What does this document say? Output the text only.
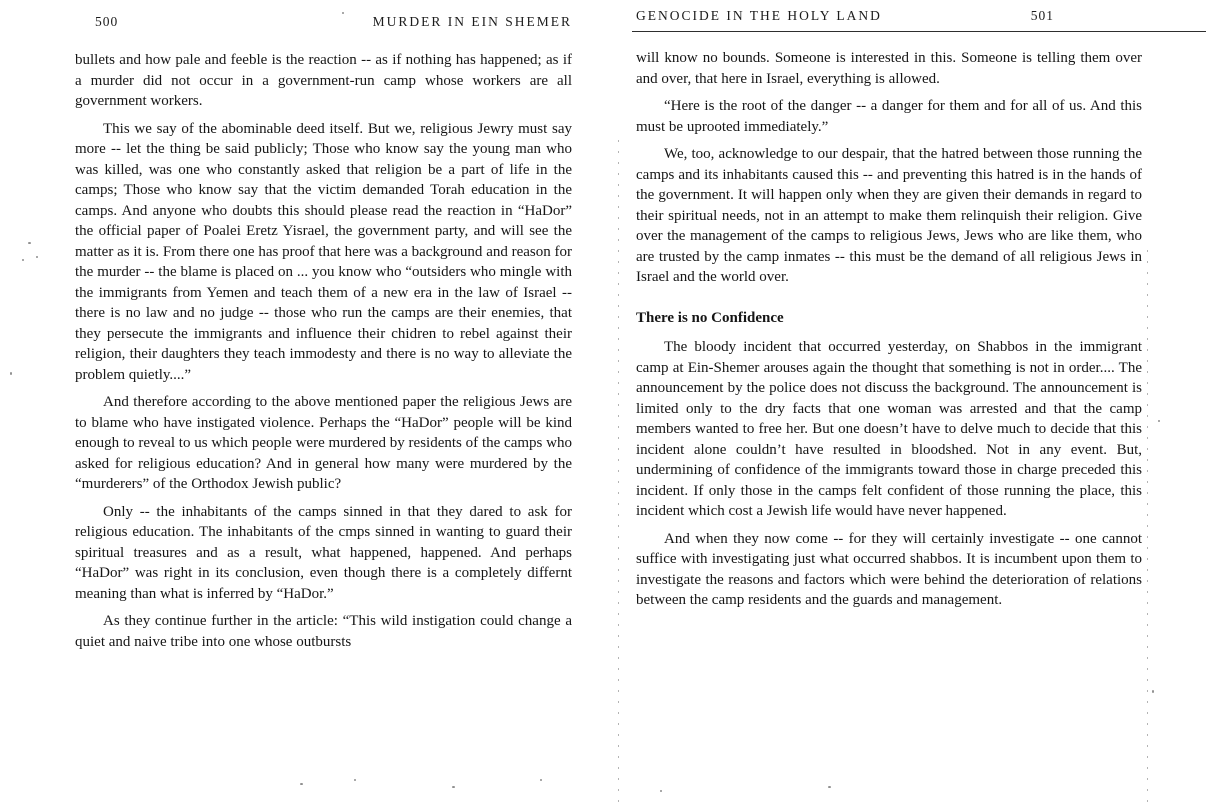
500	MURDER IN EIN SHEMER

bullets and how pale and feeble is the reaction -- as if nothing has happened; as if a murder did not occur in a government-run camp whose workers are all government workers.

This we say of the abominable deed itself. But we, religious Jewry must say more -- let the thing be said publicly; Those who know say the young man who was killed, was one who constantly asked that religion be a part of life in the camps; Those who know say that the victim demanded Torah education in the camps. And anyone who doubts this should please read the reaction in “HaDor” the official paper of Poalei Eretz Yisrael, the government party, and will see the matter as it is. From there one has proof that here was a background and reason for the murder -- the blame is placed on ... you know who “outsiders who mingle with the immigrants from Yemen and teach them of a new era in the law of Israel -- there is no law and no judge -- those who run the camps are their enemies, that they persecute the immigrants and influence their chidren to rebel against their religion, their daughters they teach immodesty and there is no way to alleviate the problem quietly....”

And therefore according to the above mentioned paper the religious Jews are to blame who have instigated violence. Perhaps the “HaDor” people will be kind enough to reveal to us which people were murdered by residents of the camps who asked for religious education? And in general how many were murdered by the “murderers” of the Orthodox Jewish public?

Only -- the inhabitants of the camps sinned in that they dared to ask for religious education. The inhabitants of the cmps sinned in wanting to guard their spiritual treasures and as a result, what happened, happened. And perhaps “HaDor” was right in its conclusion, even though there is a completely differnt meaning than what is inferred by “HaDor.”

As they continue further in the article: “This wild instigation could change a quiet and naive tribe into one whose outbursts

GENOCIDE IN THE HOLY LAND	501

will know no bounds. Someone is interested in this. Someone is telling them over and over, that here in Israel, everything is allowed.

“Here is the root of the danger -- a danger for them and for all of us. And this must be uprooted immediately.”

We, too, acknowledge to our despair, that the hatred between those running the camps and its inhabitants caused this -- and preventing this hatred is in the hands of the government. It will happen only when they are given their demands in regard to their spiritual needs, not in an attempt to make them relinquish their religion. Give over the management of the camps to religious Jews, Jews who are like them, who are trusted by the camp inmates -- this must be the demand of all religious Jews in Israel and the world over.

There is no Confidence

The bloody incident that occurred yesterday, on Shabbos in the immigrant camp at Ein-Shemer arouses again the thought that something is not in order.... The announcement by the police does not discuss the background. The announcement is limited only to the dry facts that one woman was arrested and that the camp members wanted to free her. But one doesn’t have to delve much to decide that this incident alone couldn’t have resulted in bloodshed. Not in any event. But, undermining of confidence of the immigrants toward those in charge preceded this incident. If only those in the camps felt confident of those running the place, this incident which cost a Jewish life would have never happened.

And when they now come -- for they will certainly investigate -- one cannot suffice with investigating just what occurred shabbos. It is incumbent upon them to investigate the reasons and factors which were behind the deterioration of relations between the camp residents and the guards and management.
